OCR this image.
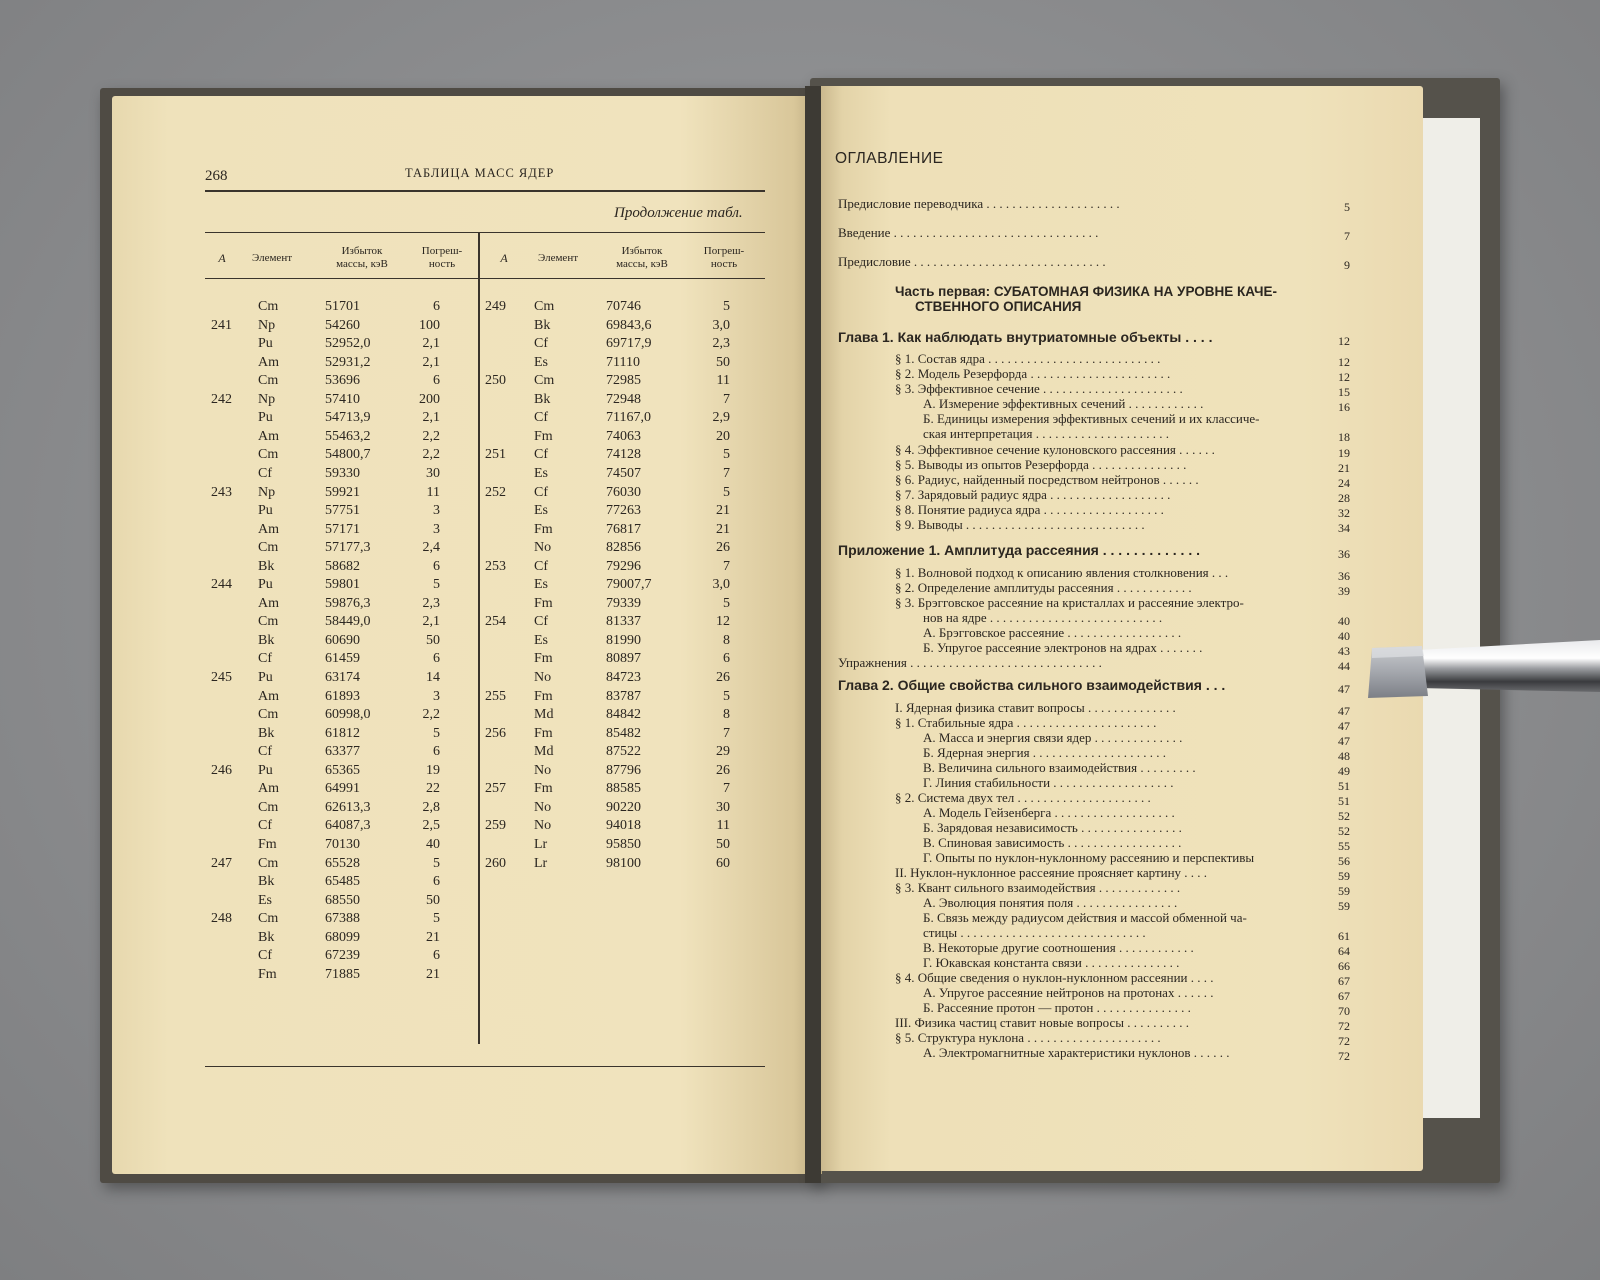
268	ТАБЛИЦА МАСС ЯДЕР
Продолжение табл.
A	Элемент
Избыток
массы, кэВ
Погреш-
ность	A	Элемент
Избыток
массы, кэВ
Погреш-
ность
Cm	51701	6
241 Np	54260	100
Pu	52952,0	2,1
Am	52931,2	2,1
Cm	53696	6
242 Np	57410	200
Pu	54713,9	2,1
Am	55463,2	2,2
Cm	54800,7	2,2
Cf	59330	30
243 Np	59921	11
Pu	57751	3
Am	57171	3
Cm	57177,3	2,4
Bk	58682	6
244 Pu	59801	5
Am	59876,3	2,3
Cm	58449,0	2,1
Bk	60690	50
Cf	61459	6
245 Pu	63174	14
Am	61893	3
Cm	60998,0	2,2
Bk	61812	5
Cf	63377	6
246 Pu	65365	19
Am	64991	22
Cm	62613,3	2,8
Cf	64087,3	2,5
Fm	70130	40
247 Cm	65528	5
Bk	65485	6
Es	68550	50
248 Cm	67388	5
Bk	68099	21
Cf	67239	6
Fm	71885	21
249 Cm	70746	5
Bk	69843,6	3,0
Cf	69717,9	2,3
Es	71110	50
250 Cm	72985	11
Bk	72948	7
Cf	71167,0	2,9
Fm	74063	20
251 Cf	74128	5
Es	74507	7
252 Cf	76030	5
Es	77263	21
Fm	76817	21
No	82856	26
253 Cf	79296	7
Es	79007,7	3,0
Fm	79339	5
254 Cf	81337	12
Es	81990	8
Fm	80897	6
No	84723	26
255 Fm	83787	5
Md	84842	8
256 Fm	85482	7
Md	87522	29
No	87796	26
257 Fm	88585	7
No	90220	30
259 No	94018	11
Lr	95850	50
260 Lr	98100	60
ОГЛАВЛЕНИЕ
Предисловие переводчика . . . . . . . . . . . . . . . . . . . . .	5
Введение . . . . . . . . . . . . . . . . . . . . . . . . . . . . . . . .	7
Предисловие . . . . . . . . . . . . . . . . . . . . . . . . . . . . . .	9
Часть первая: СУБАТОМНАЯ ФИЗИКА НА УРОВНЕ КАЧЕ-
СТВЕННОГО ОПИСАНИЯ
Глава 1. Как наблюдать внутриатомные объекты . . . .	12
§ 1. Состав ядра . . . . . . . . . . . . . . . . . . . . . . . . . . .	12
§ 2. Модель Резерфорда . . . . . . . . . . . . . . . . . . . . . .	12
§ 3. Эффективное сечение . . . . . . . . . . . . . . . . . . . . . .	15
А. Измерение эффективных сечений . . . . . . . . . . . .	16
Б. Единицы измерения эффективных сечений и их классиче-
ская интерпретация . . . . . . . . . . . . . . . . . . . . .	18
§ 4. Эффективное сечение кулоновского рассеяния . . . . . .	19
§ 5. Выводы из опытов Резерфорда . . . . . . . . . . . . . . .	21
§ 6. Радиус, найденный посредством нейтронов . . . . . .	24
§ 7. Зарядовый радиус ядра . . . . . . . . . . . . . . . . . . .	28
§ 8. Понятие радиуса ядра . . . . . . . . . . . . . . . . . . .	32
§ 9. Выводы . . . . . . . . . . . . . . . . . . . . . . . . . . . .	34
Приложение 1. Амплитуда рассеяния . . . . . . . . . . . . .	36
§ 1. Волновой подход к описанию явления столкновения . . .	36
§ 2. Определение амплитуды рассеяния . . . . . . . . . . . .	39
§ 3. Брэгговское рассеяние на кристаллах и рассеяние электро-
нов на ядре . . . . . . . . . . . . . . . . . . . . . . . . . . .	40
А. Брэгговское рассеяние . . . . . . . . . . . . . . . . . .	40
Б. Упругое рассеяние электронов на ядрах . . . . . . .	43
Упражнения . . . . . . . . . . . . . . . . . . . . . . . . . . . . . .	44
Глава 2. Общие свойства сильного взаимодействия . . .	47
I. Ядерная физика ставит вопросы . . . . . . . . . . . . . .	47
§ 1. Стабильные ядра . . . . . . . . . . . . . . . . . . . . . .	47
А. Масса и энергия связи ядер . . . . . . . . . . . . . .	47
Б. Ядерная энергия . . . . . . . . . . . . . . . . . . . . .	48
В. Величина сильного взаимодействия . . . . . . . . .	49
Г. Линия стабильности . . . . . . . . . . . . . . . . . . .	51
§ 2. Система двух тел . . . . . . . . . . . . . . . . . . . . .	51
А. Модель Гейзенберга . . . . . . . . . . . . . . . . . . .	52
Б. Зарядовая независимость . . . . . . . . . . . . . . . .	52
В. Спиновая зависимость . . . . . . . . . . . . . . . . . .	55
Г. Опыты по нуклон-нуклонному рассеянию и перспективы	56
II. Нуклон-нуклонное рассеяние проясняет картину . . . .	59
§ 3. Квант сильного взаимодействия . . . . . . . . . . . . .	59
А. Эволюция понятия поля . . . . . . . . . . . . . . . .	59
Б. Связь между радиусом действия и массой обменной ча-
стицы . . . . . . . . . . . . . . . . . . . . . . . . . . . . .	61
В. Некоторые другие соотношения . . . . . . . . . . . .	64
Г. Юкавская константа связи . . . . . . . . . . . . . . .	66
§ 4. Общие сведения о нуклон-нуклонном рассеянии . . . .	67
А. Упругое рассеяние нейтронов на протонах . . . . . .	67
Б. Рассеяние протон — протон . . . . . . . . . . . . . . .	70
III. Физика частиц ставит новые вопросы . . . . . . . . . .	72
§ 5. Структура нуклона . . . . . . . . . . . . . . . . . . . . .	72
А. Электромагнитные характеристики нуклонов . . . . . .	72
